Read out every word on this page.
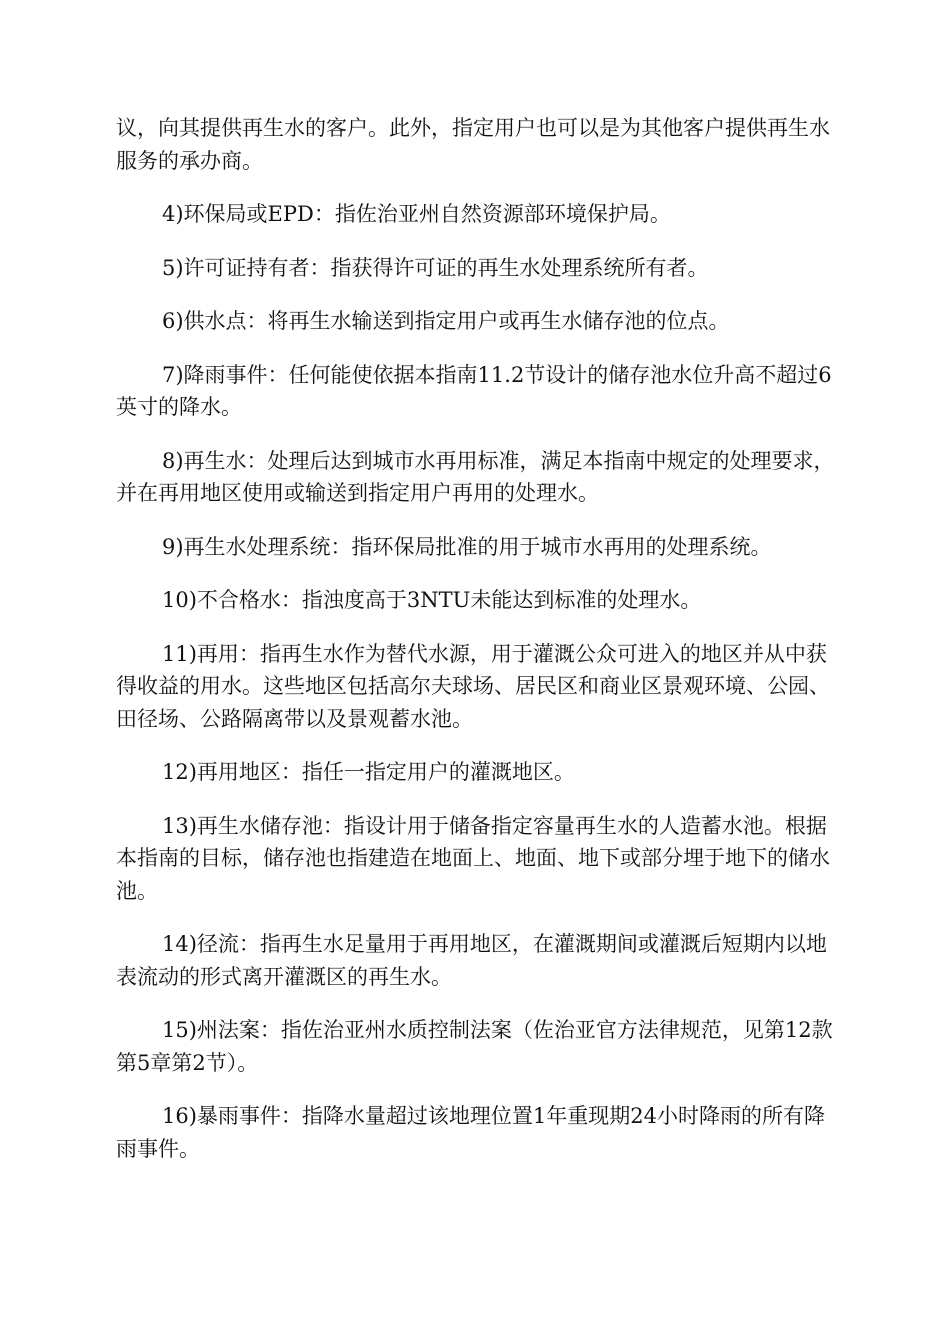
议，向其提供再生水的客户。此外，指定用户也可以是为其他客户提供再生水服务的承办商。

4)环保局或EPD：指佐治亚州自然资源部环境保护局。

5)许可证持有者：指获得许可证的再生水处理系统所有者。

6)供水点：将再生水输送到指定用户或再生水储存池的位点。

7)降雨事件：任何能使依据本指南11.2节设计的储存池水位升高不超过6英寸的降水。

8)再生水：处理后达到城市水再用标准，满足本指南中规定的处理要求，并在再用地区使用或输送到指定用户再用的处理水。

9)再生水处理系统：指环保局批准的用于城市水再用的处理系统。

10)不合格水：指浊度高于3NTU未能达到标准的处理水。

11)再用：指再生水作为替代水源，用于灌溉公众可进入的地区并从中获得收益的用水。这些地区包括高尔夫球场、居民区和商业区景观环境、公园、田径场、公路隔离带以及景观蓄水池。

12)再用地区：指任一指定用户的灌溉地区。

13)再生水储存池：指设计用于储备指定容量再生水的人造蓄水池。根据本指南的目标，储存池也指建造在地面上、地面、地下或部分埋于地下的储水池。

14)径流：指再生水足量用于再用地区，在灌溉期间或灌溉后短期内以地表流动的形式离开灌溉区的再生水。

15)州法案：指佐治亚州水质控制法案（佐治亚官方法律规范，见第12款第5章第2节）。

16)暴雨事件：指降水量超过该地理位置1年重现期24小时降雨的所有降雨事件。
